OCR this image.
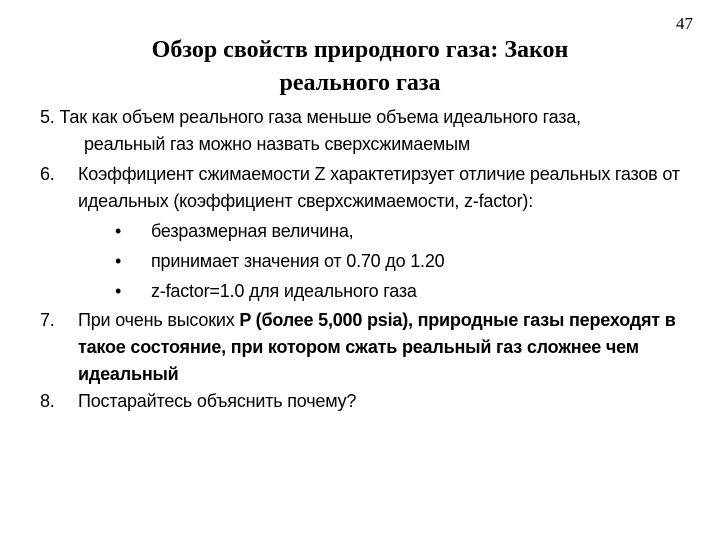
47
Обзор свойств природного газа: Закон
реального газа
5. Так как объем реального газа меньше объема идеального газа,
реальный газ можно назвать сверхсжимаемым
6. Коэффициент сжимаемости Z характетирзует отличие реальных газов от идеальных (коэффициент сверхсжимаемости, z-factor):
• безразмерная величина,
• принимает значения от 0.70 до 1.20
• z-factor=1.0 для идеального газа
7. При очень высоких P (более 5,000 psia), природные газы переходят в такое состояние, при котором сжать реальный газ сложнее чем идеальный
8. Постарайтесь объяснить почему?
